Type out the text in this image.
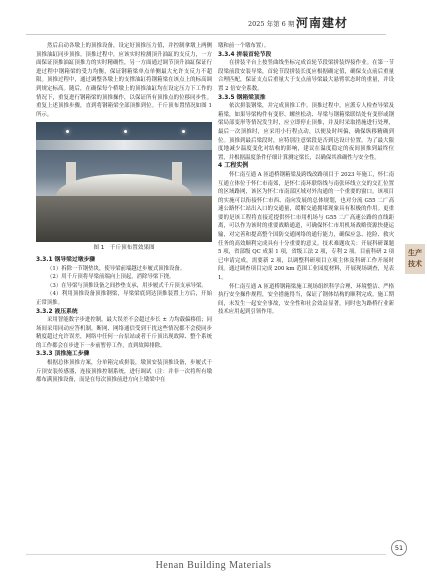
2025 年第 6 期 河南建材

然后启动各墩上的顶推设备，设定好顶推压力值，并控制拿墩上两侧顶推油缸同步顶推。顶推过程中，应该实时检测顶升油缸的支反力，一方面保证顶推油缸顶推力的实时精确性，另一方面通过调节顶升油缸保证行进过程中钢箱梁的受力均衡，保证钢箱梁单点单侧最大允许支反力不超限。顶推过程中，通过调整各墩上的支撑油缸将钢箱梁在该点上的标高调到规定标高。随后，在确保每个桥墩上的顶推油缸均在设定压力下工作的情况下，重复进行钢箱梁的顶推操作，以保证所有顶推点的位移同步性。重复上述顶推步骤，直到将钢箱梁全部顶推到位。千斤顶布置情况如图 1 所示。

图 1　千斤顶布置效果图
3.3.1 钢导梁过墩步骤

（1）拆除一节钢垫块，使导梁前端越过步履式顶推设备。

（2）用千斤顶将导梁前端向上顶起，消除导梁下挠。

（3）在导梁与顶推设备之间抄垫支承，用步履式千斤顶支承导梁。

（4）利用顶推设备顶推钢梁，导梁梁底到达顶推装置上方后，开始正常顶推。

3.3.2 液压系统

采用智能数字步进控制，最大误差不会超过步长 ± 力均载偏移值；同场间采用同动应答机制。断网、网络通信受到干扰这些情况都不会使同步精度超过允许误差，网络中任何一台泵站或者千斤顶出现故障、整个系统的工作都会在步进下一步前暂停工作，直到故障排除。

3.3.3 顶推施工步骤

根据总体顶推方案，分单箱完成拼装，墩顶安装顶推设备，步履式千斤顶安装传感器，连接顶推控制系统，进行调试（注：并非一次将所有墩都布满顶推设备，而是在每次顶推前进方向上墩梁中在

墩和前一个墩布置）。

3.3.4 拼装首轮节段

在拼装平台上按竖曲线坐标完成首轮节段梁拼装焊接作业。在第一节段梁前段安装导梁，首轮节段拼装长度应根据确定值，确保支点前后重量合理匹配，保证支点后重量大于支点前导梁最大悬臂状态时的重量，并设置 2 倍安全系数。

3.3.5 钢箱梁顶推

依次拼装钢梁，并完成顶推工作。顶推过程中，应派专人检查导梁及箱梁，如果导梁构件有变形、螺丝松动、导梁与钢箱梁联结处有变形或钢梁局部变形等情况发生时，应立即停止顶推，并及时采取措施进行处理，最后一次顶推时，应采用小行程点动，以便及时纠偏，确保纵移精确到位。顶推到最后梁段时，应特别注意梁段是否到达设计位置。为了最大限度地减少温度变化对结构的影响，建议在温度稳定的夜间顶推到最终位置，并根据温度条件仔细计算测定梁长，以确保其准确性与安全性。

4 工程实例

怀仁南互通 A 匝道桥钢箱梁及跨线改路项目于 2023 年施工，怀仁南互通立体位于怀仁市南郊，是怀仁南环联络线与南张环线立交的交汇位置的区域路网，该区为怀仁市南部区域对外沟通的一个重要的窗口，该项目的实施可以衔接怀仁市西、南向发展的总体规划，也对分流 G55 二广高速公路怀仁站出入口的交通量，缓解交通拥堵现象具有积极的作用。更重要的是该工程将直接近提供怀仁市用机场与 G55 二广高速公路的直线距离，可以作为该时的重要战略通道，可确保怀仁市用机场战略资源快捷运输，对完善和提高整个国防交通网络的通行能力，确保应急、抢险、救灾任务的高效顺利完成具有十分重要的意义。技术难题攻关：开展科研课题 5 项，省部级 QC 成果 1 项，省级工法 2 项，专利 2 项。目前科研 2 项已申请完成，需要新 2 项，以调整科研项目立项主体及科研工作开展时间。通过调查项目完成 200 km 范围工业园度材料，开展现场调查，见表 1。

怀仁南互通 A 匝道桥钢箱梁施工现场组织科学合理、环境整洁、严格执行安全操作规程，安全措施得当，保证了钢体结构的顺利完成。施工期间，未发生一起安全事故，安全性和社会效益显著，同时也为路桥行业新技术应用起到引领作用。

生产技术
51
Henan Building Materials
